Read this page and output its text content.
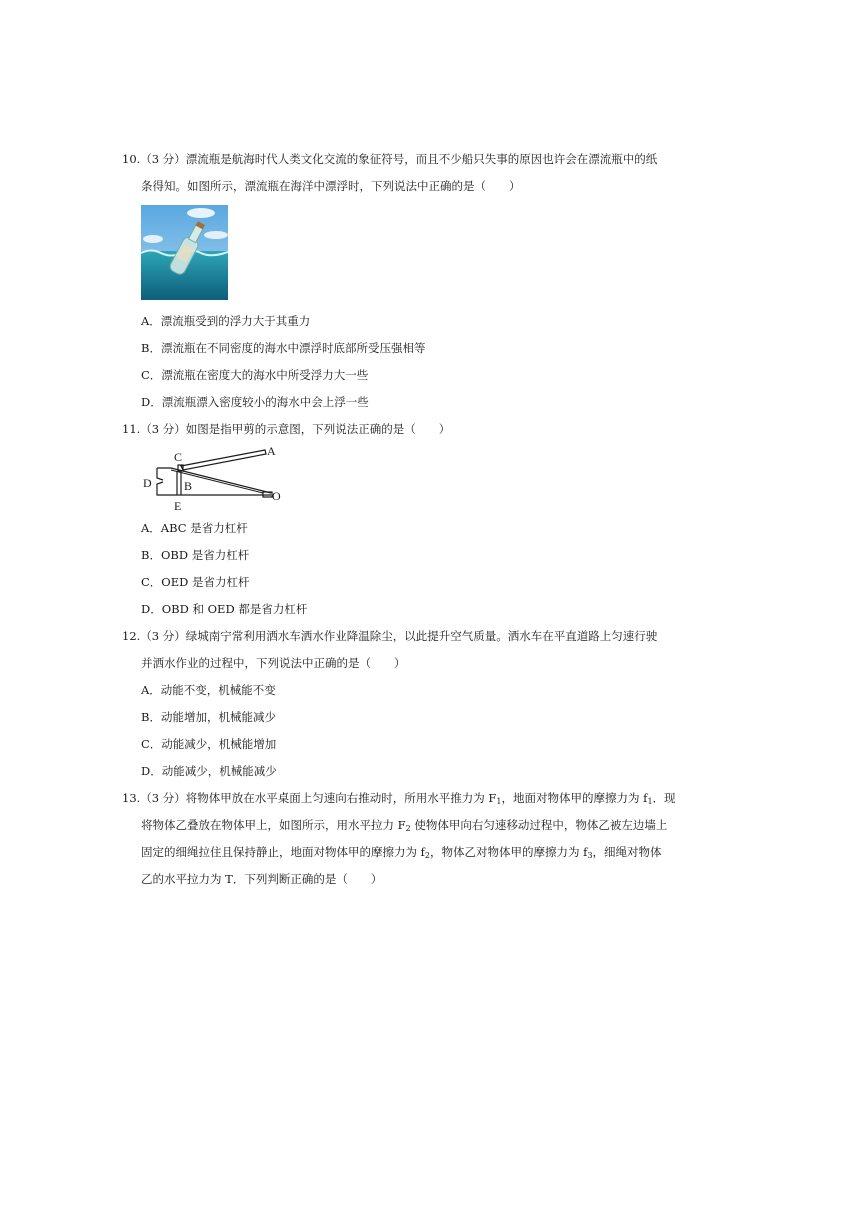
10.（3 分）漂流瓶是航海时代人类文化交流的象征符号，而且不少船只失事的原因也许会在漂流瓶中的纸
条得知。如图所示，漂流瓶在海洋中漂浮时，下列说法中正确的是（　　）
A．漂流瓶受到的浮力大于其重力
B．漂流瓶在不同密度的海水中漂浮时底部所受压强相等
C．漂流瓶在密度大的海水中所受浮力大一些
D．漂流瓶漂入密度较小的海水中会上浮一些
11.（3 分）如图是指甲剪的示意图，下列说法正确的是（　　）
C	A
D	B
E
O
A．ABC 是省力杠杆
B．OBD 是省力杠杆
C．OED 是省力杠杆
D．OBD 和 OED 都是省力杠杆
12.（3 分）绿城南宁常利用洒水车洒水作业降温除尘，以此提升空气质量。洒水车在平直道路上匀速行驶
并洒水作业的过程中，下列说法中正确的是（　　）
A．动能不变，机械能不变
B．动能增加，机械能减少
C．动能减少，机械能增加
D．动能减少，机械能减少
13.（3 分）将物体甲放在水平桌面上匀速向右推动时，所用水平推力为 $F_1$，地面对物体甲的摩擦力为 $f_1$．现
将物体乙叠放在物体甲上，如图所示，用水平拉力 $F_2$ 使物体甲向右匀速移动过程中，物体乙被左边墙上
固定的细绳拉住且保持静止，地面对物体甲的摩擦力为 $f_2$，物体乙对物体甲的摩擦力为 $f_3$，细绳对物体
乙的水平拉力为 T．下列判断正确的是（　　）
